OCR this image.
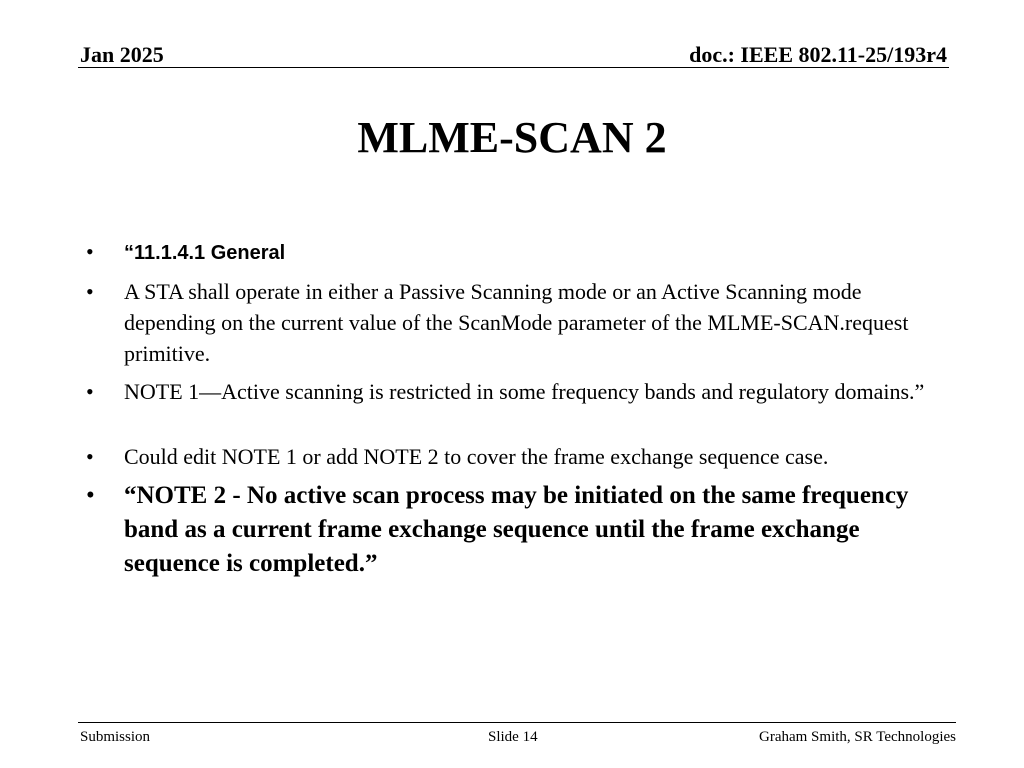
Jan 2025	doc.: IEEE 802.11-25/193r4
MLME-SCAN 2
•	“11.1.4.1 General
•	A STA shall operate in either a Passive Scanning mode or an Active Scanning mode depending on the current value of the ScanMode parameter of the MLME-SCAN.request primitive.
•	NOTE 1—Active scanning is restricted in some frequency bands and regulatory domains.”
•	Could edit NOTE 1 or add NOTE 2 to cover the frame exchange sequence case.
•	“NOTE 2 - No active scan process may be initiated on the same frequency band as a current frame exchange sequence until the frame exchange sequence is completed.”
Submission	Slide 14	Graham Smith, SR Technologies
